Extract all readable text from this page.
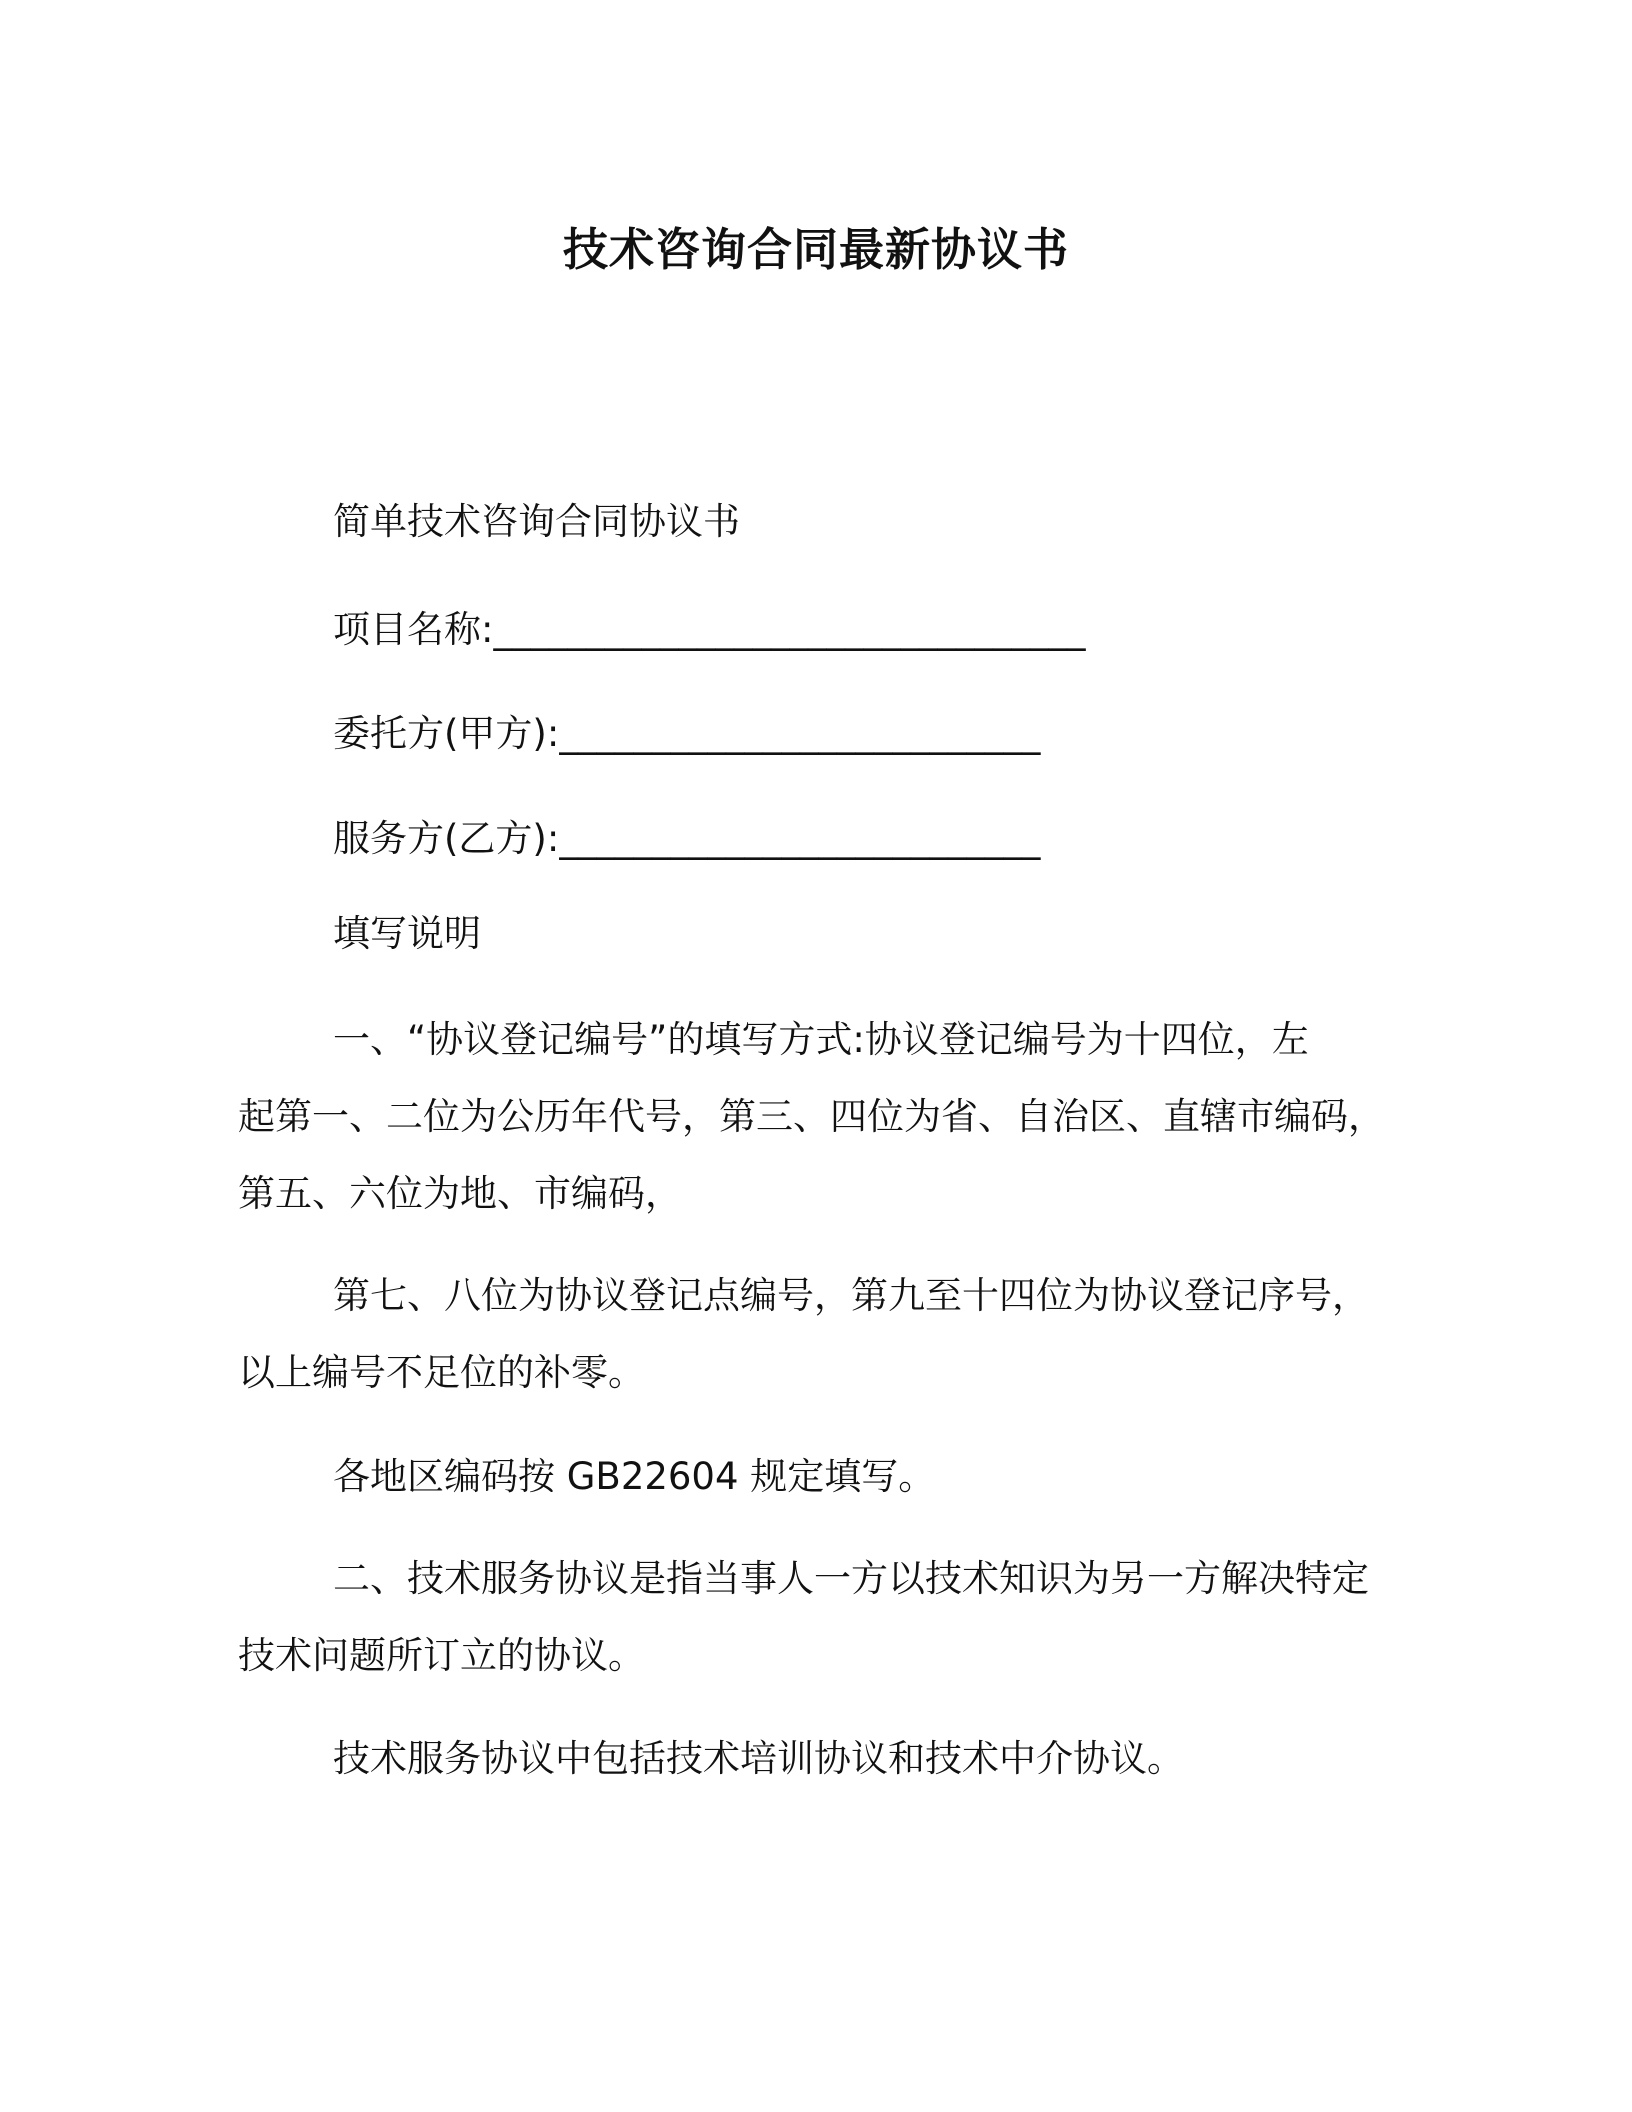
技术咨询合同最新协议书

简单技术咨询合同协议书

项目名称:________________________________

委托方(甲方):__________________________

服务方(乙方):__________________________

填写说明

一、“协议登记编号”的填写方式:协议登记编号为十四位，左

起第一、二位为公历年代号，第三、四位为省、自治区、直辖市编码，

第五、六位为地、市编码，

第七、八位为协议登记点编号，第九至十四位为协议登记序号，

以上编号不足位的补零。

各地区编码按 GB22604 规定填写。

二、技术服务协议是指当事人一方以技术知识为另一方解决特定

技术问题所订立的协议。

技术服务协议中包括技术培训协议和技术中介协议。
